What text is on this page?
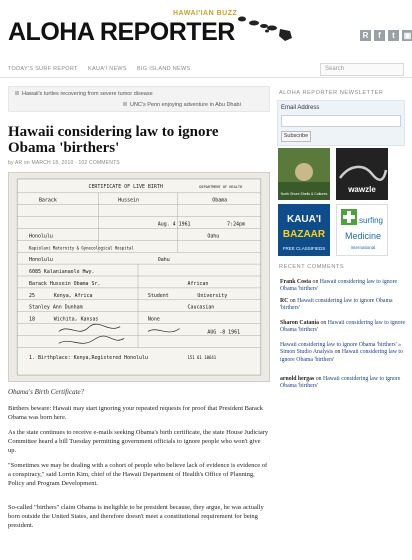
HAWAI'IAN BUZZ
ALOHA REPORTER	R	f	t	▣
TODAY'S SURF REPORT KAUA'I NEWS BIG ISLAND NEWS	Search
Hawaii's turtles recovering from severe tumor disease
UNC's Penn enjoying adventure in Abu Dhabi
Hawaii considering law to ignore Obama 'birthers'
by AR on MARCH 18, 2010 · 102 COMMENTS
CERTIFICATE OF LIVE BIRTH	DEPARTMENT OF HEALTH
Barack	Hussein	Obama
Aug. 4 1961	7:24pm
Honolulu	Oahu
Kapiolani Maternity & Gynecological Hospital
Honolulu	Oahu
6085 Kalanianaole Hwy.
Barack Hussein Obama Sr.	African
25	Kenya, Africa	Student	University
Stanley Ann Dunham	Caucasian
18	Wichita, Kansas	None
AUG -8 1961
1. Birthplace: Kenya,Registered Honolulu	151 61 10641
Obama's Birth Certificate?

Birthers beware: Hawaii may start ignoring your repeated requests for proof that President Barack Obama was born here.

As the state continues to receive e-mails seeking Obama's birth certificate, the state House Judiciary Committee heard a bill Tuesday permitting government officials to ignore people who won't give up.

"Sometimes we may be dealing with a cohort of people who believe lack of evidence is evidence of a conspiracy," said Lorrin Kim, chief of the Hawaii Department of Health's Office of Planning, Policy and Program Development.

So-called "birthers" claim Obama is ineligible to be president because, they argue, he was actually born outside the United States, and therefore doesn't meet a constitutional requirement for being president.

ALOHA REPORTER NEWSLETTER
Email Address
Subscribe
North Shore Shells & Cultures	wawzle
KAUA'I
BAZAAR
FREE CLASSIFIEDS
surfing
Medicine
international
RECENT COMMENTS
Frank Costa on Hawaii considering law to ignore Obama 'birthers'
RC on Hawaii considering law to ignore Obama 'birthers'
Sharon Catania on Hawaii considering law to ignore Obama 'birthers'
Hawaii considering law to ignore Obama 'birthers' » Simon Studio Analysis on Hawaii considering law to ignore Obama 'birthers'
arnold hergas on Hawaii considering law to ignore Obama 'birthers'
